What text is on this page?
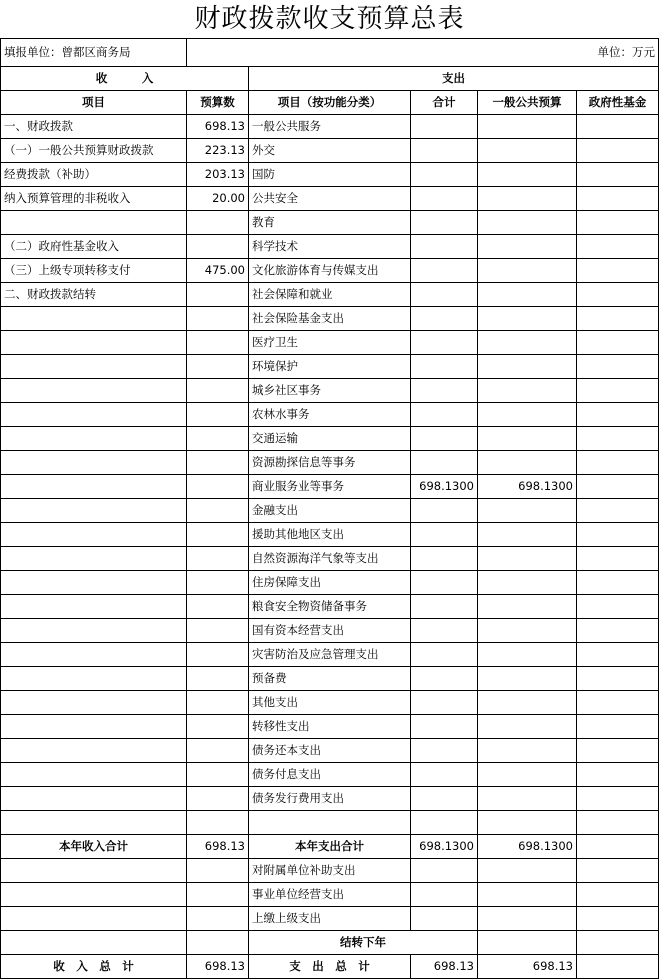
财政拨款收支预算总表
填报单位：曾都区商务局	单位：万元				
收　　　入		支出			
项目	预算数	项目（按功能分类）	合计	一般公共预算	政府性基金
一、财政拨款	698.13	一般公共服务			
（一）一般公共预算财政拨款	223.13	外交			
经费拨款（补助）	203.13	国防			
纳入预算管理的非税收入	20.00	公共安全			
		教育			
（二）政府性基金收入		科学技术			
（三）上级专项转移支付	475.00	文化旅游体育与传媒支出			
二、财政拨款结转		社会保障和就业			
		社会保险基金支出			
		医疗卫生			
		环境保护			
		城乡社区事务			
		农林水事务			
		交通运输			
		资源勘探信息等事务			
		商业服务业等事务	698.1300	698.1300	
		金融支出			
		援助其他地区支出			
		自然资源海洋气象等支出			
		住房保障支出			
		粮食安全物资储备事务			
		国有资本经营支出			
		灾害防治及应急管理支出			
		预备费			
		其他支出			
		转移性支出			
		债务还本支出			
		债务付息支出			
		债务发行费用支出			

本年收入合计	698.13	本年支出合计	698.1300	698.1300	
		对附属单位补助支出			
		事业单位经营支出			
		上缴上级支出			
		结转下年			
收　入　总　计	698.13	支　出　总　计	698.13	698.13	
